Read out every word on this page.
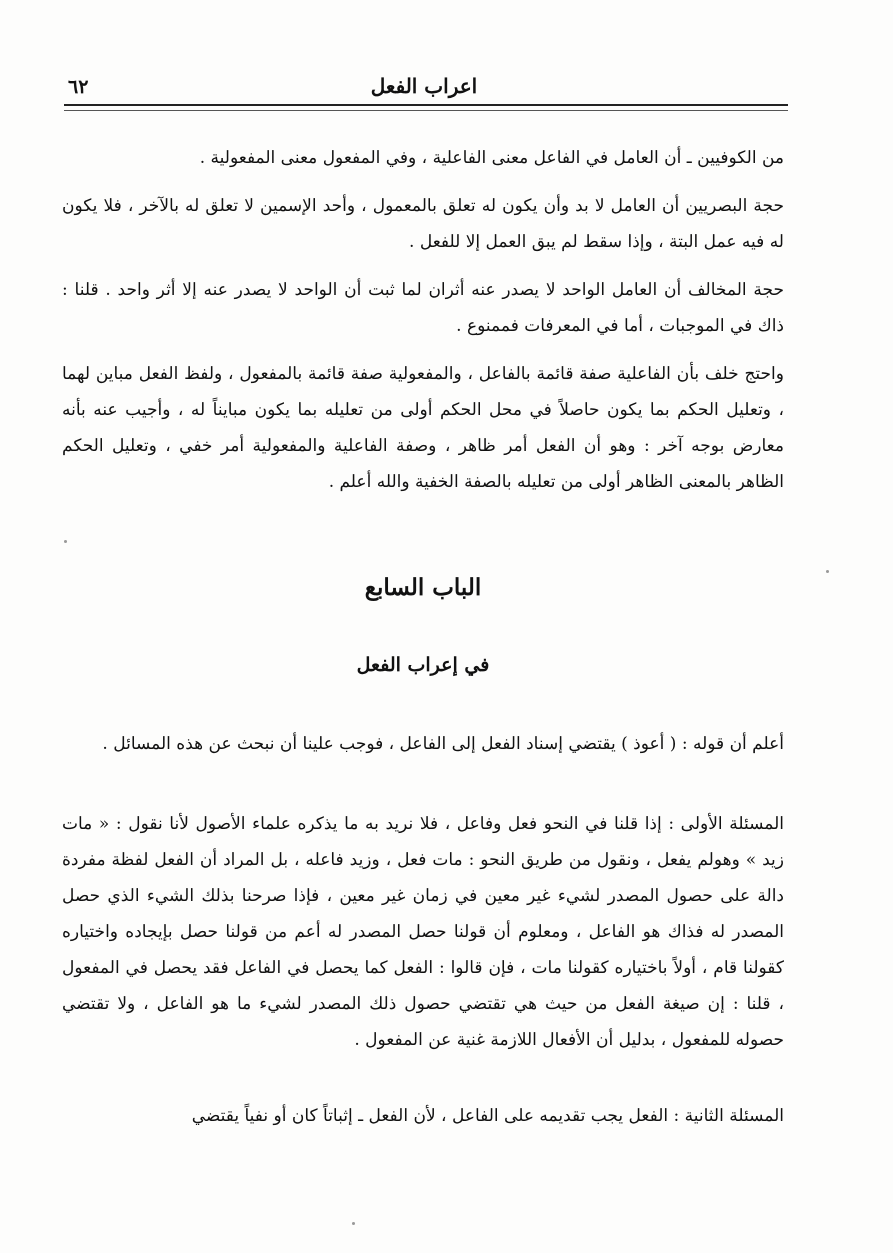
اعراب الفعل
٦٢

من الكوفيين ـ أن العامل في الفاعل معنى الفاعلية ، وفي المفعول معنى المفعولية .

حجة البصريين أن العامل لا بد وأن يكون له تعلق بالمعمول ، وأحد الإسمين لا تعلق له بالآخر ، فلا يكون له فيه عمل البتة ، وإذا سقط لم يبق العمل إلا للفعل .

حجة المخالف أن العامل الواحد لا يصدر عنه أثران لما ثبت أن الواحد لا يصدر عنه إلا أثر واحد . قلنا : ذاك في الموجبات ، أما في المعرفات فممنوع .

واحتج خلف بأن الفاعلية صفة قائمة بالفاعل ، والمفعولية صفة قائمة بالمفعول ، ولفظ الفعل مباين لهما ، وتعليل الحكم بما يكون حاصلاً في محل الحكم أولى من تعليله بما يكون مبايناً له ، وأجيب عنه بأنه معارض بوجه آخر : وهو أن الفعل أمر ظاهر ، وصفة الفاعلية والمفعولية أمر خفي ، وتعليل الحكم الظاهر بالمعنى الظاهر أولى من تعليله بالصفة الخفية والله أعلم .

الباب السابع
في إعراب الفعل

أعلم أن قوله : ( أعوذ ) يقتضي إسناد الفعل إلى الفاعل ، فوجب علينا أن نبحث عن هذه المسائل .

المسئلة الأولى : إذا قلنا في النحو فعل وفاعل ، فلا نريد به ما يذكره علماء الأصول لأنا نقول : « مات زيد » وهولم يفعل ، ونقول من طريق النحو : مات فعل ، وزيد فاعله ، بل المراد أن الفعل لفظة مفردة دالة على حصول المصدر لشيء غير معين في زمان غير معين ، فإذا صرحنا بذلك الشيء الذي حصل المصدر له فذاك هو الفاعل ، ومعلوم أن قولنا حصل المصدر له أعم من قولنا حصل بإيجاده واختياره كقولنا قام ، أولاً باختياره كقولنا مات ، فإن قالوا : الفعل كما يحصل في الفاعل فقد يحصل في المفعول ، قلنا : إن صيغة الفعل من حيث هي تقتضي حصول ذلك المصدر لشيء ما هو الفاعل ، ولا تقتضي حصوله للمفعول ، بدليل أن الأفعال اللازمة غنية عن المفعول .

المسئلة الثانية : الفعل يجب تقديمه على الفاعل ، لأن الفعل ـ إثباتاً كان أو نفياً يقتضي
